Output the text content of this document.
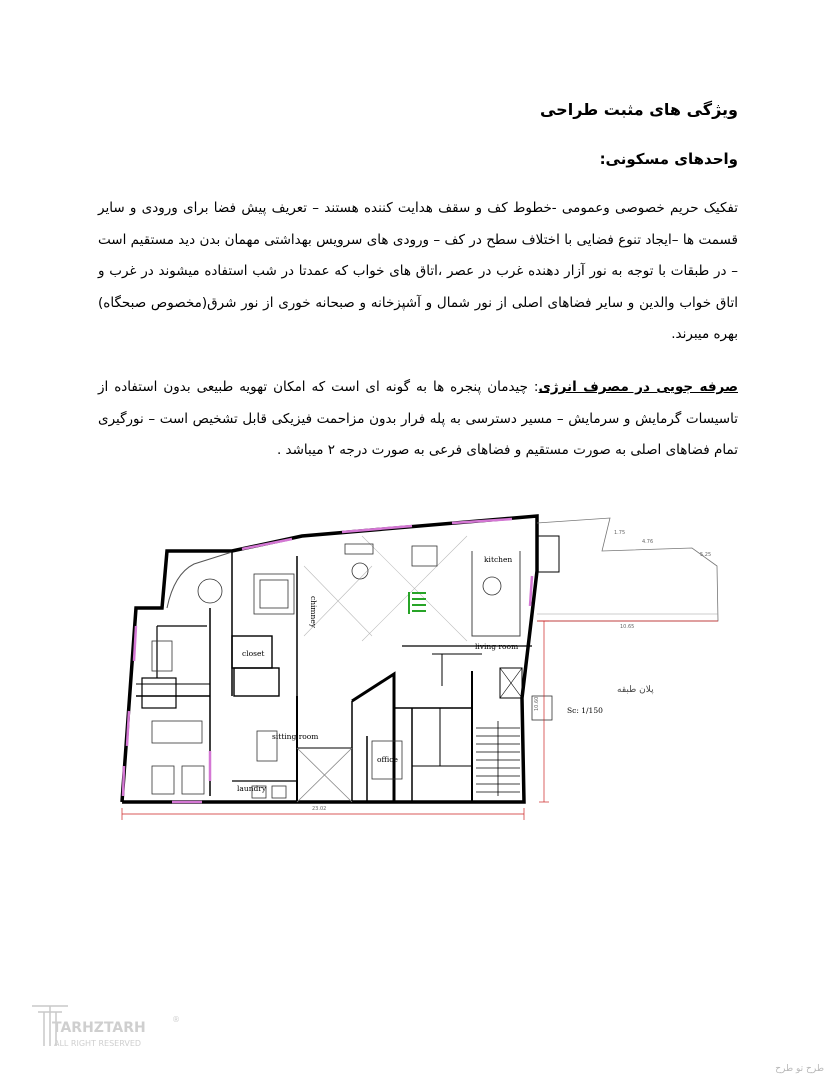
ویژگی های مثبت طراحی
واحدهای مسکونی:
تفکیک حریم خصوصی وعمومی -خطوط کف و سقف هدایت کننده هستند – تعریف پیش فضا برای ورودی و سایر قسمت ها –ایجاد تنوع فضایی با اختلاف سطح در کف – ورودی های سرویس بهداشتی مهمان بدن دید مستقیم است – در طبقات با توجه به نور آزار دهنده غرب در عصر ،اتاق های خواب که عمدتا در شب استفاده میشوند در غرب و اتاق خواب والدین و سایر فضاهای اصلی از نور شمال و آشپزخانه و صبحانه خوری از نور شرق(مخصوص صبحگاه) بهره میبرند.
صرفه جویی در مصرف انرژی: چیدمان پنجره ها به گونه ای است که امکان تهویه طبیعی بدون استفاده از تاسیسات گرمایش و سرمایش – مسیر دسترسی به پله فرار بدون مزاحمت فیزیکی قابل تشخیص است – نورگیری تمام فضاهای اصلی به صورت مستقیم و فضاهای فرعی به صورت درجه ۲ میباشد .
kitchen
closet
living room
sitting room
office
laundry
chimney
Sc: 1/150
پلان طبقه
23.02
10.60
10.65
4.76
5.25
1.75
TARHZTARH
ALL RIGHT RESERVED
®
طرح تو طرح
